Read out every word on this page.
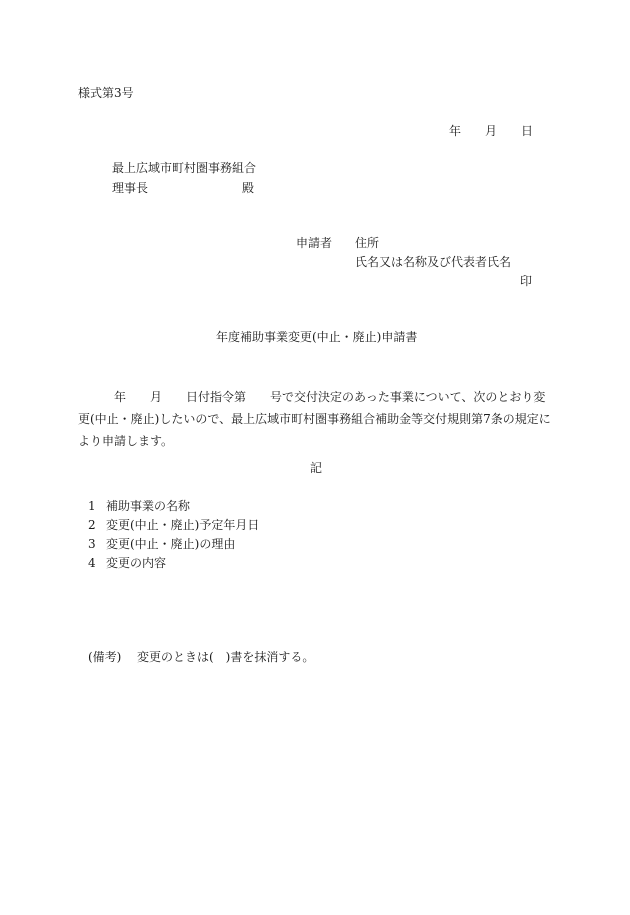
様式第3号
年　　月　　日
最上広域市町村圏事務組合
理事長	殿
申請者 住所
氏名又は名称及び代表者氏名
印
年度補助事業変更(中止・廃止)申請書
　　　年　　月　　日付指令第　　号で交付決定のあった事業について、次のとおり変
更(中止・廃止)したいので、最上広域市町村圏事務組合補助金等交付規則第7条の規定に
より申請します。
記
1 補助事業の名称
2 変更(中止・廃止)予定年月日
3 変更(中止・廃止)の理由
4 変更の内容
(備考) 変更のときは(　)書を抹消する。
